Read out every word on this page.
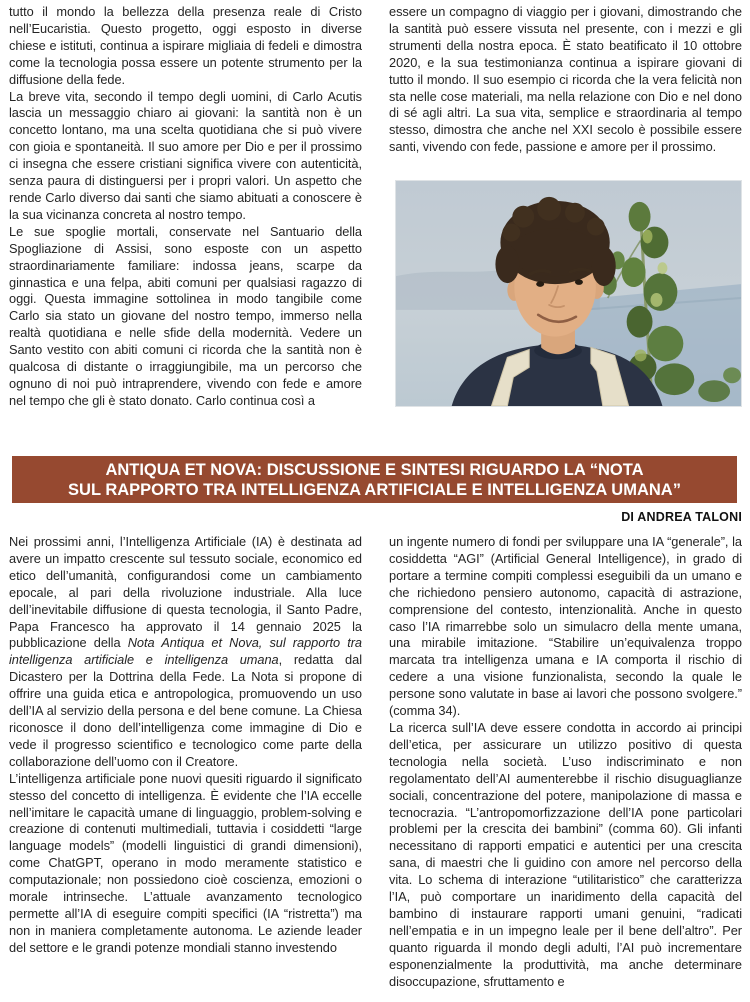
tutto il mondo la bellezza della presenza reale di Cristo nell’Eucaristia. Questo progetto, oggi esposto in diverse chiese e istituti, continua a ispirare migliaia di fedeli e dimostra come la tecnologia possa essere un potente strumento per la diffusione della fede.

La breve vita, secondo il tempo degli uomini, di Carlo Acutis lascia un messaggio chiaro ai giovani: la santità non è un concetto lontano, ma una scelta quotidiana che si può vivere con gioia e spontaneità. Il suo amore per Dio e per il prossimo ci insegna che essere cristiani significa vivere con autenticità, senza paura di distinguersi per i propri valori. Un aspetto che rende Carlo diverso dai santi che siamo abituati a conoscere è la sua vicinanza concreta al nostro tempo.

Le sue spoglie mortali, conservate nel Santuario della Spogliazione di Assisi, sono esposte con un aspetto straordinariamente familiare: indossa jeans, scarpe da ginnastica e una felpa, abiti comuni per qualsiasi ragazzo di oggi. Questa immagine sottolinea in modo tangibile come Carlo sia stato un giovane del nostro tempo, immerso nella realtà quotidiana e nelle sfide della modernità. Vedere un Santo vestito con abiti comuni ci ricorda che la santità non è qualcosa di distante o irraggiungibile, ma un percorso che ognuno di noi può intraprendere, vivendo con fede e amore nel tempo che gli è stato donato. Carlo continua così a

essere un compagno di viaggio per i giovani, dimostrando che la santità può essere vissuta nel presente, con i mezzi e gli strumenti della nostra epoca. È stato beatificato il 10 ottobre 2020, e la sua testimonianza continua a ispirare giovani di tutto il mondo. Il suo esempio ci ricorda che la vera felicità non sta nelle cose materiali, ma nella relazione con Dio e nel dono di sé agli altri. La sua vita, semplice e straordinaria al tempo stesso, dimostra che anche nel XXI secolo è possibile essere santi, vivendo con fede, passione e amore per il prossimo.

ANTIQUA ET NOVA: DISCUSSIONE E SINTESI RIGUARDO LA “NOTA
SUL RAPPORTO TRA INTELLIGENZA ARTIFICIALE E INTELLIGENZA UMANA”
DI ANDREA TALONI

Nei prossimi anni, l’Intelligenza Artificiale (IA) è destinata ad avere un impatto crescente sul tessuto sociale, economico ed etico dell’umanità, configurandosi come un cambiamento epocale, al pari della rivoluzione industriale. Alla luce dell’inevitabile diffusione di questa tecnologia, il Santo Padre, Papa Francesco ha approvato il 14 gennaio 2025 la pubblicazione della Nota Antiqua et Nova, sul rapporto tra intelligenza artificiale e intelligenza umana, redatta dal Dicastero per la Dottrina della Fede. La Nota si propone di offrire una guida etica e antropologica, promuovendo un uso dell’IA al servizio della persona e del bene comune. La Chiesa riconosce il dono dell’intelligenza come immagine di Dio e vede il progresso scientifico e tecnologico come parte della collaborazione dell’uomo con il Creatore.

L’intelligenza artificiale pone nuovi quesiti riguardo il significato stesso del concetto di intelligenza. È evidente che l’IA eccelle nell’imitare le capacità umane di linguaggio, problem-solving e creazione di contenuti multimediali, tuttavia i cosiddetti “large language models” (modelli linguistici di grandi dimensioni), come ChatGPT, operano in modo meramente statistico e computazionale; non possiedono cioè coscienza, emozioni o morale intrinseche. L’attuale avanzamento tecnologico permette all’IA di eseguire compiti specifici (IA “ristretta”) ma non in maniera completamente autonoma. Le aziende leader del settore e le grandi potenze mondiali stanno investendo

un ingente numero di fondi per sviluppare una IA “generale”, la cosiddetta “AGI” (Artificial General Intelligence), in grado di portare a termine compiti complessi eseguibili da un umano e che richiedono pensiero autonomo, capacità di astrazione, comprensione del contesto, intenzionalità. Anche in questo caso l’IA rimarrebbe solo un simulacro della mente umana, una mirabile imitazione. “Stabilire un’equivalenza troppo marcata tra intelligenza umana e IA comporta il rischio di cedere a una visione funzionalista, secondo la quale le persone sono valutate in base ai lavori che possono svolgere.” (comma 34).

La ricerca sull’IA deve essere condotta in accordo ai principi dell’etica, per assicurare un utilizzo positivo di questa tecnologia nella società. L’uso indiscriminato e non regolamentato dell’AI aumenterebbe il rischio disuguaglianze sociali, concentrazione del potere, manipolazione di massa e tecnocrazia. “L’antropomorfizzazione dell’IA pone particolari problemi per la crescita dei bambini” (comma 60). Gli infanti necessitano di rapporti empatici e autentici per una crescita sana, di maestri che li guidino con amore nel percorso della vita. Lo schema di interazione “utilitaristico” che caratterizza l’IA, può comportare un inaridimento della capacità del bambino di instaurare rapporti umani genuini, “radicati nell’empatia e in un impegno leale per il bene dell’altro”. Per quanto riguarda il mondo degli adulti, l’AI può incrementare esponenzialmente la produttività, ma anche determinare disoccupazione, sfruttamento e
